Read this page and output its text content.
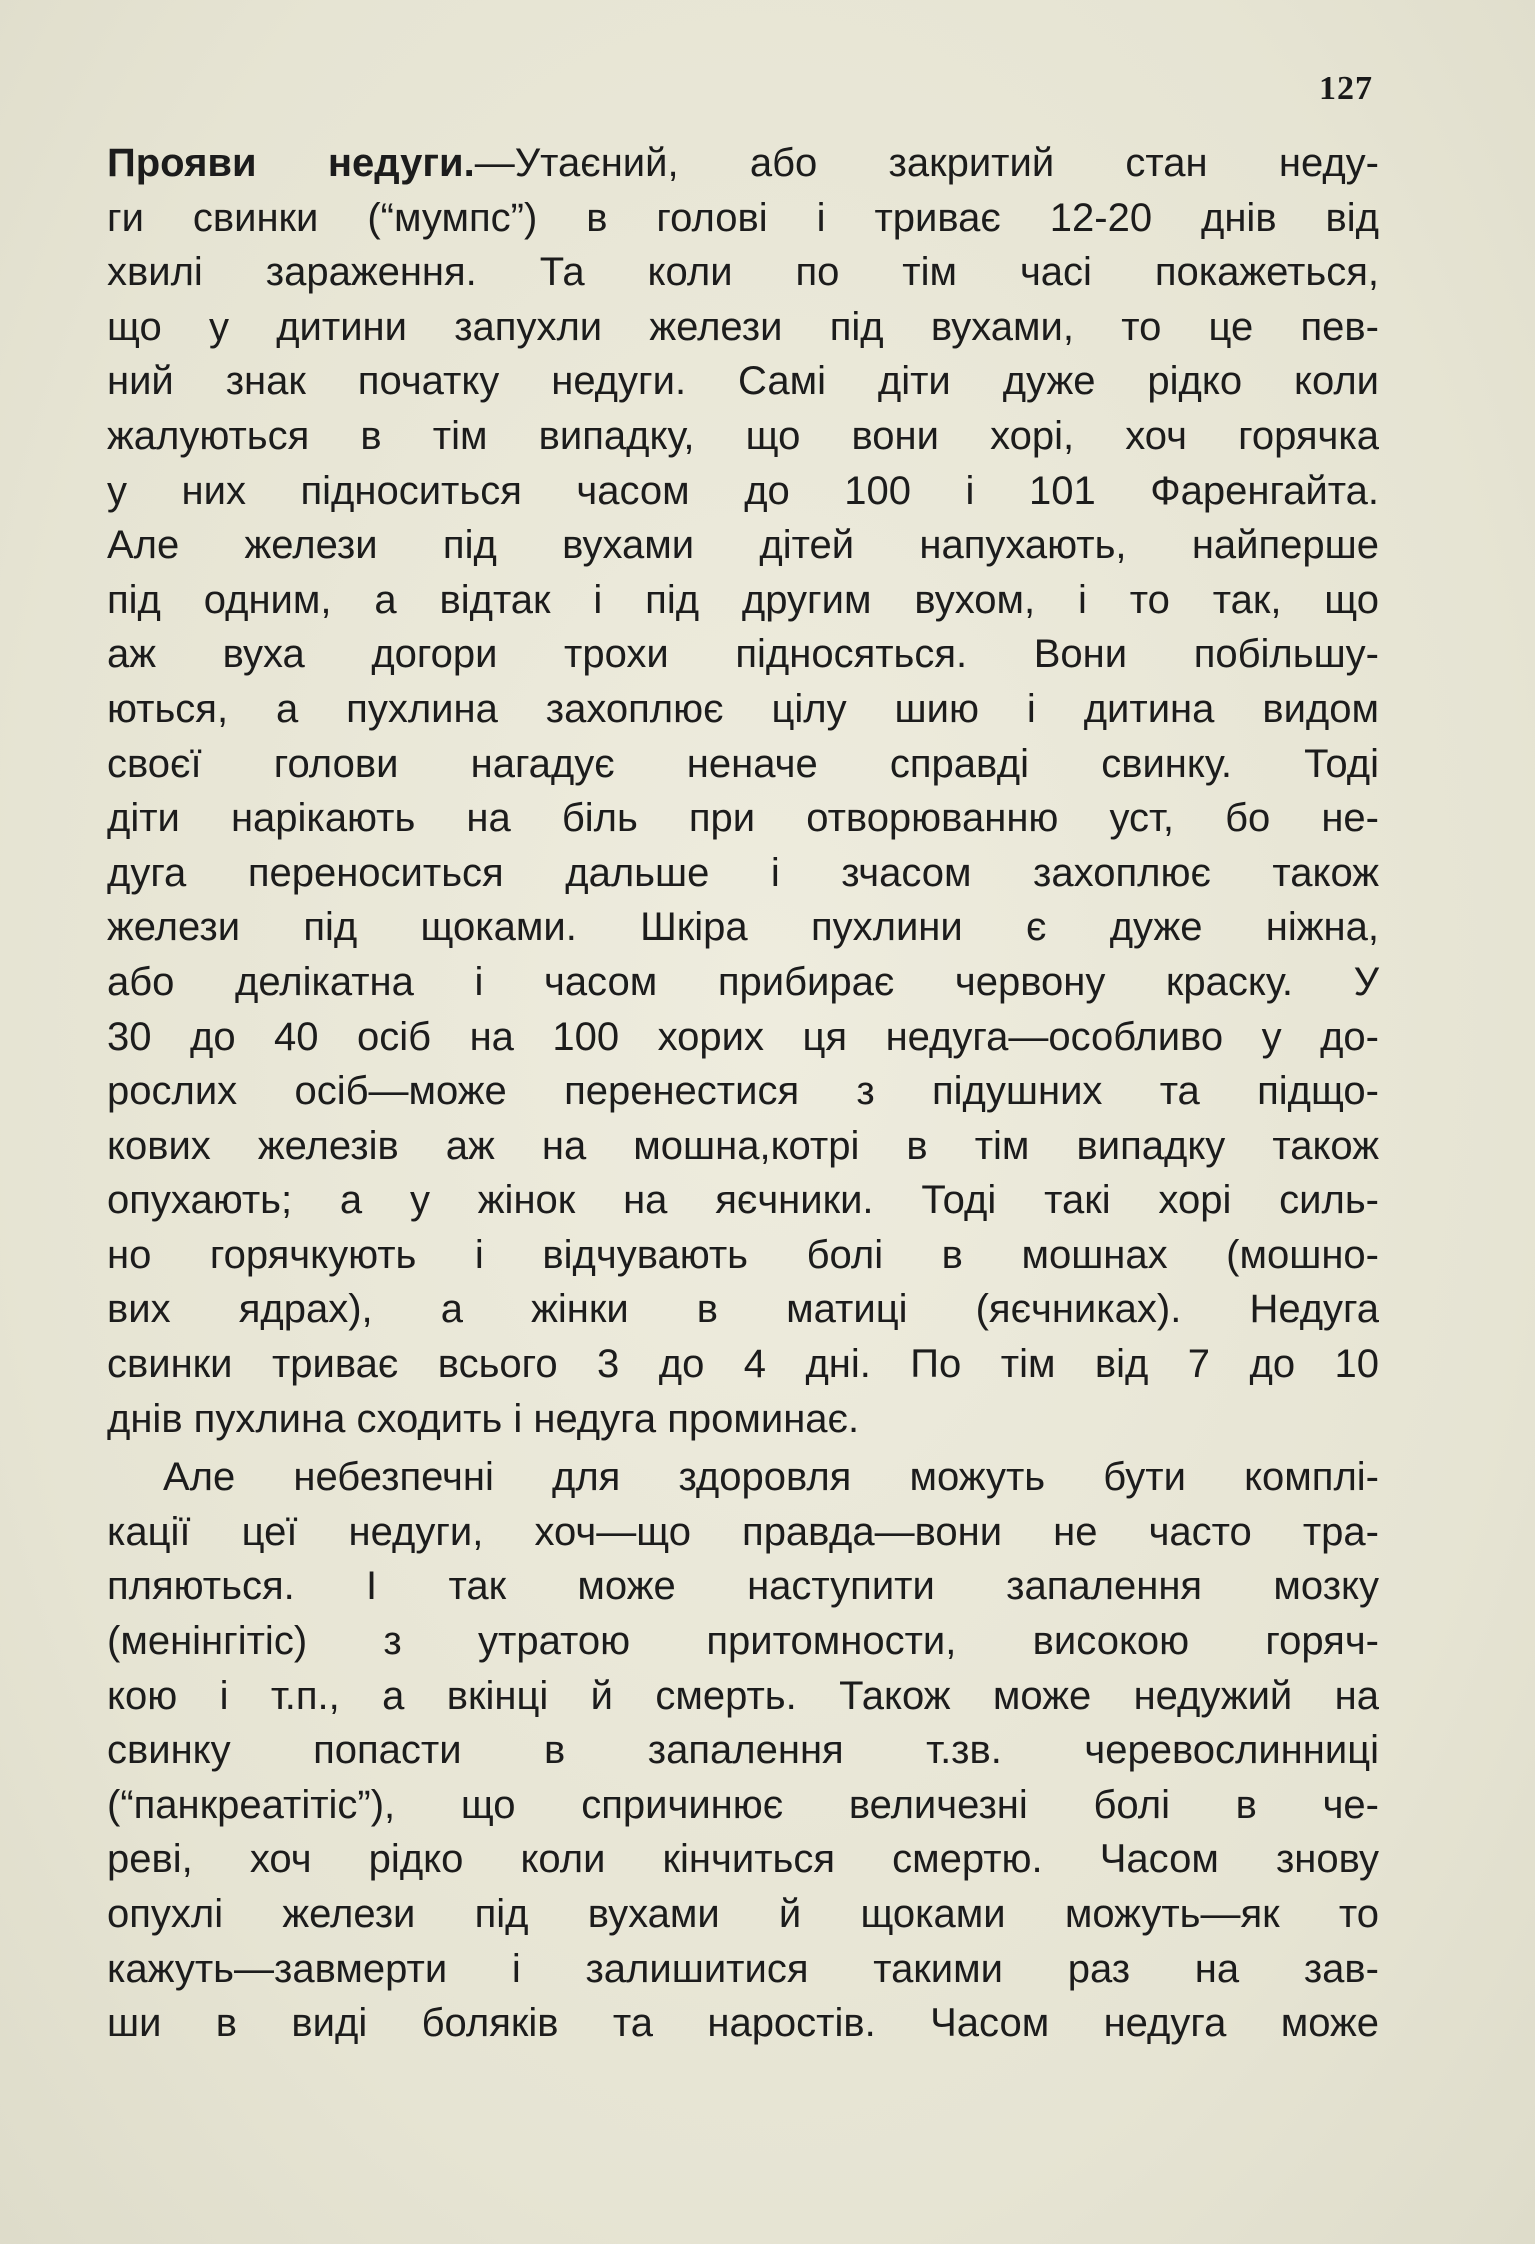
127
Прояви недуги.—Утаєний, або закритий стан неду-
ги свинки (“мумпс”) в голові і триває 12-20 днів від
хвилі зараження. Та коли по тім часі покажеться,
що у дитини запухли желези під вухами, то це пев-
ний знак початку недуги. Самі діти дуже рідко коли
жалуються в тім випадку, що вони хорі, хоч горячка
у них підноситься часом до 100 і 101 Фаренгайта.
Але желези під вухами дітей напухають, найперше
під одним, а відтак і під другим вухом, і то так, що
аж вуха догори трохи підносяться. Вони побільшу-
ються, а пухлина захоплює цілу шию і дитина видом
своєї голови нагадує неначе справді свинку. Тоді
діти нарікають на біль при отворюванню уст, бо не-
дуга переноситься дальше і зчасом захоплює також
желези під щоками. Шкіра пухлини є дуже ніжна,
або делікатна і часом прибирає червону краску. У
30 до 40 осіб на 100 хорих ця недуга—особливо у до-
рослих осіб—може перенестися з підушних та підщо-
кових железів аж на мошна,котрі в тім випадку також
опухають; а у жінок на яєчники. Тоді такі хорі силь-
но горячкують і відчувають болі в мошнах (мошно-
вих ядрах), а жінки в матиці (яєчниках). Недуга
свинки триває всього 3 до 4 дні. По тім від 7 до 10
днів пухлина сходить і недуга проминає.
Але небезпечні для здоровля можуть бути комплі-
кації цеї недуги, хоч—що правда—вони не часто тра-
пляються. І так може наступити запалення мозку
(менінгітіс) з утратою притомности, високою горяч-
кою і т.п., а вкінці й смерть. Також може недужий на
свинку попасти в запалення т.зв. черевослинниці
(“панкреатітіс”), що спричинює величезні болі в че-
реві, хоч рідко коли кінчиться смертю. Часом знову
опухлі желези під вухами й щоками можуть—як то
кажуть—завмерти і залишитися такими раз на зав-
ши в виді боляків та наростів. Часом недуга може
